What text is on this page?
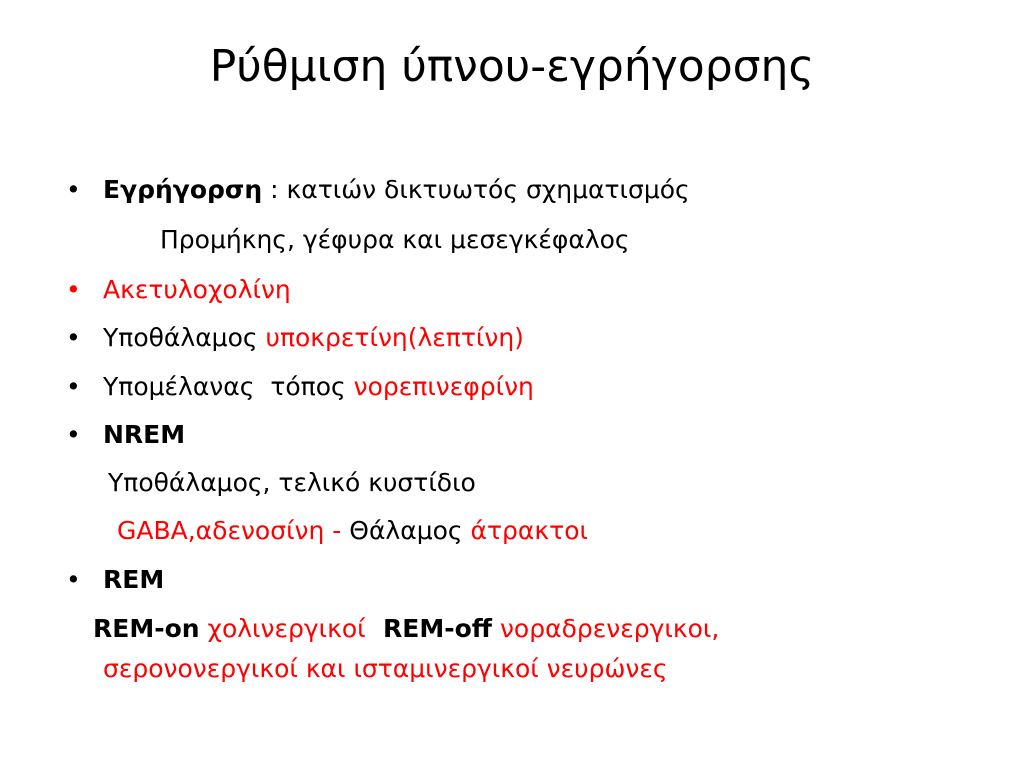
Ρύθμιση ύπνου-εγρήγορσης
• Εγρήγορση : κατιών δικτυωτός σχηματισμός
Προμήκης, γέφυρα και μεσεγκέφαλος
• Ακετυλοχολίνη
• Υποθάλαμος υποκρετίνη(λεπτίνη)
• Υπομέλανας  τόπος νορεπινεφρίνη
• NREM
Υποθάλαμος, τελικό κυστίδιο
GABA,αδενοσίνη - Θάλαμος άτρακτοι
• REM
REM-on χολινεργικοί  REM-off νοραδρενεργικοι,
σερονονεργικοί και ισταμινεργικοί νευρώνες
